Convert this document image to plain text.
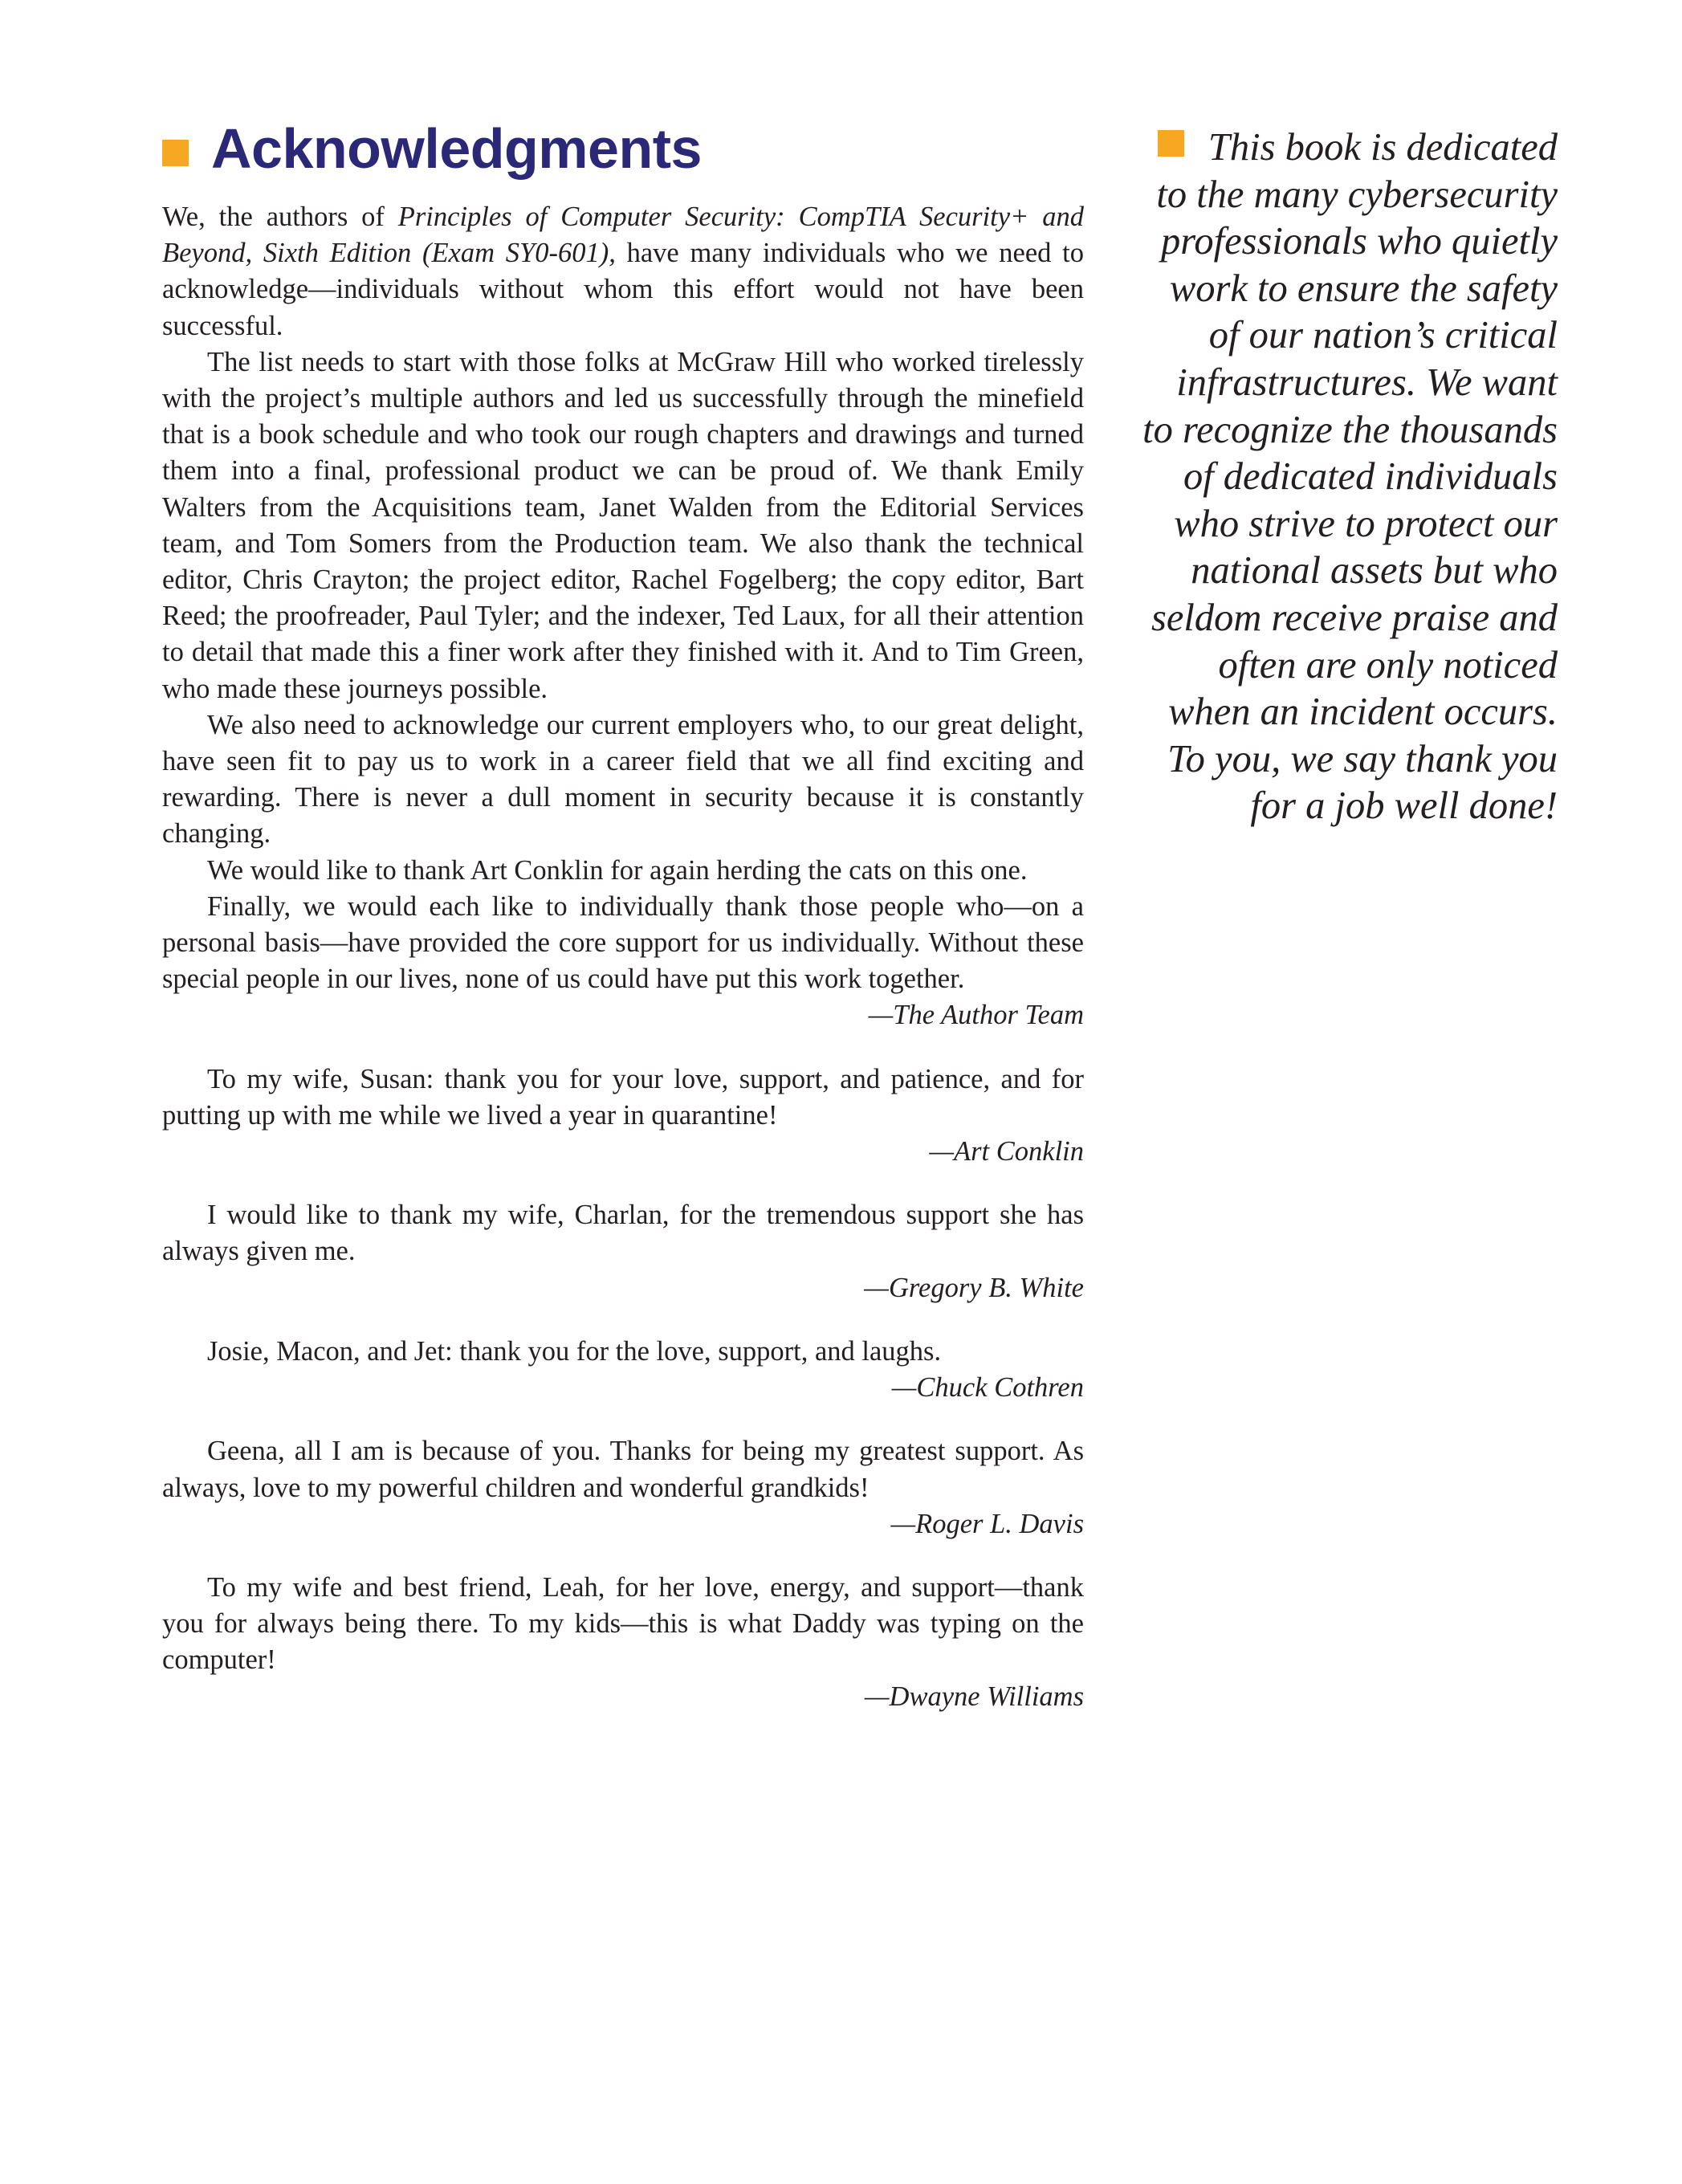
Acknowledgments

We, the authors of Principles of Computer Security: CompTIA Security+ and Beyond, Sixth Edition (Exam SY0-601), have many individuals who we need to acknowledge—individuals without whom this effort would not have been successful.

The list needs to start with those folks at McGraw Hill who worked tirelessly with the project’s multiple authors and led us successfully through the minefield that is a book schedule and who took our rough chapters and drawings and turned them into a final, professional product we can be proud of. We thank Emily Walters from the Acquisitions team, Janet Walden from the Editorial Services team, and Tom Somers from the Production team. We also thank the technical editor, Chris Crayton; the project editor, Rachel Fogelberg; the copy editor, Bart Reed; the proofreader, Paul Tyler; and the indexer, Ted Laux, for all their attention to detail that made this a finer work after they finished with it. And to Tim Green, who made these journeys possible.

We also need to acknowledge our current employers who, to our great delight, have seen fit to pay us to work in a career field that we all find exciting and rewarding. There is never a dull moment in security because it is constantly changing.

We would like to thank Art Conklin for again herding the cats on this one.

Finally, we would each like to individually thank those people who—on a personal basis—have provided the core support for us individually. Without these special people in our lives, none of us could have put this work together.

—The Author Team

To my wife, Susan: thank you for your love, support, and patience, and for putting up with me while we lived a year in quarantine!

—Art Conklin

I would like to thank my wife, Charlan, for the tremendous support she has always given me.

—Gregory B. White

Josie, Macon, and Jet: thank you for the love, support, and laughs.

—Chuck Cothren

Geena, all I am is because of you. Thanks for being my greatest support. As always, love to my powerful children and wonderful grandkids!

—Roger L. Davis

To my wife and best friend, Leah, for her love, energy, and support—thank you for always being there. To my kids—this is what Daddy was typing on the computer!

—Dwayne Williams
This book is dedicated
to the many cybersecurity
professionals who quietly
work to ensure the safety
of our nation’s critical
infrastructures. We want
to recognize the thousands
of dedicated individuals
who strive to protect our
national assets but who
seldom receive praise and
often are only noticed
when an incident occurs.
To you, we say thank you
for a job well done!
